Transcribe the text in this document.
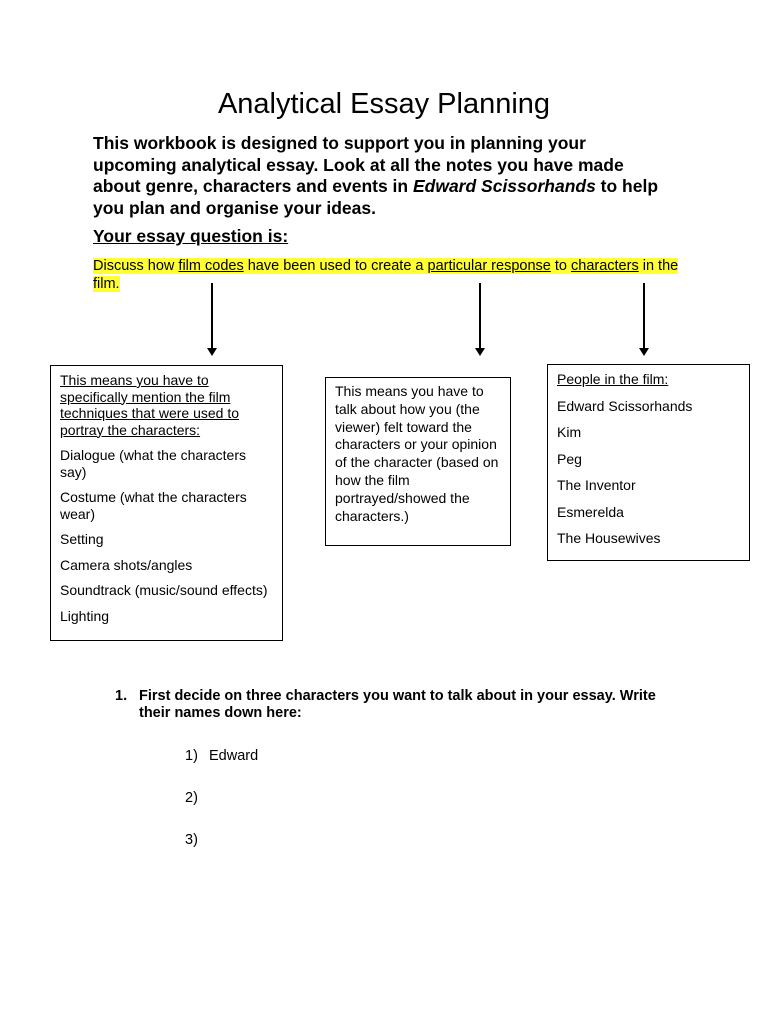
Analytical Essay Planning
This workbook is designed to support you in planning your upcoming analytical essay. Look at all the notes you have made about genre, characters and events in Edward Scissorhands to help you plan and organise your ideas.
Your essay question is:
Discuss how film codes have been used to create a particular response to characters in the film.
This means you have to specifically mention the film techniques that were used to portray the characters:
Dialogue (what the characters say)
Costume (what the characters wear)
Setting
Camera shots/angles
Soundtrack (music/sound effects)
Lighting
This means you have to talk about how you (the viewer) felt toward the characters or your opinion of the character (based on how the film portrayed/showed the characters.)
People in the film:
Edward Scissorhands
Kim
Peg
The Inventor
Esmerelda
The Housewives
1. First decide on three characters you want to talk about in your essay. Write their names down here:
1) Edward
2)
3)
